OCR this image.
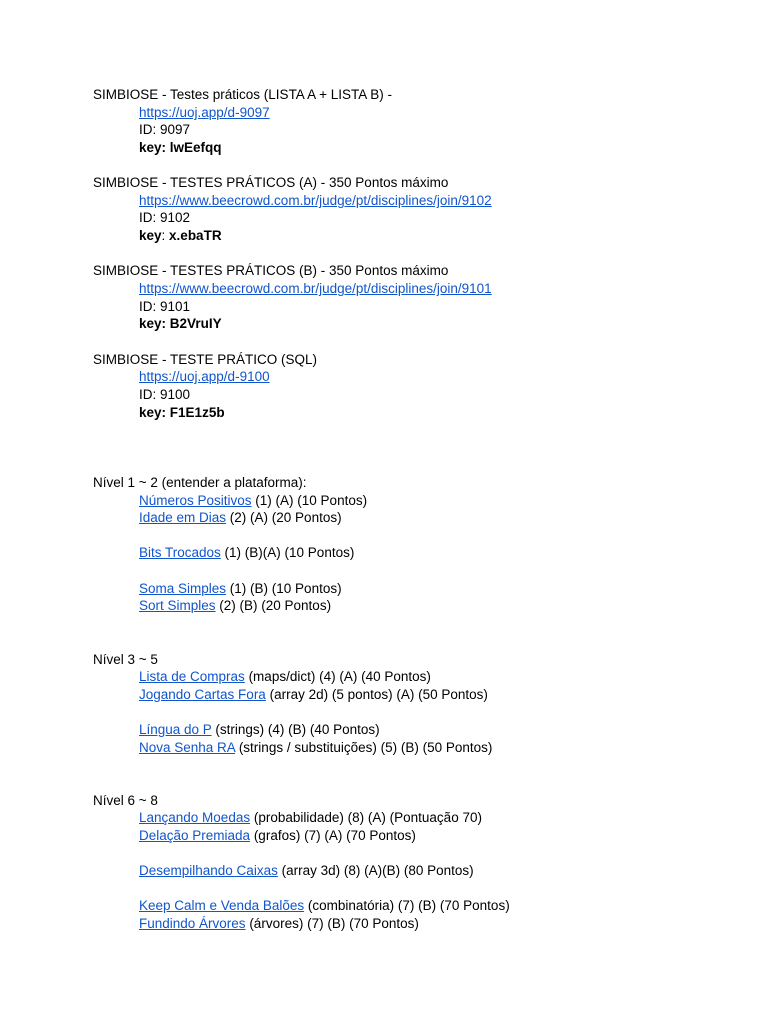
SIMBIOSE - Testes práticos (LISTA A + LISTA B) -
https://uoj.app/d-9097
ID: 9097
key: lwEefqq
SIMBIOSE - TESTES PRÁTICOS (A) - 350 Pontos máximo
https://www.beecrowd.com.br/judge/pt/disciplines/join/9102
ID: 9102
key: x.ebaTR
SIMBIOSE - TESTES PRÁTICOS (B) - 350 Pontos máximo
https://www.beecrowd.com.br/judge/pt/disciplines/join/9101
ID: 9101
key: B2VruIY
SIMBIOSE - TESTE PRÁTICO (SQL)
https://uoj.app/d-9100
ID: 9100
key: F1E1z5b
Nível 1 ~ 2 (entender a plataforma):
Números Positivos (1) (A) (10 Pontos)
Idade em Dias (2) (A) (20 Pontos)
Bits Trocados (1) (B)(A) (10 Pontos)
Soma Simples (1) (B) (10 Pontos)
Sort Simples (2) (B) (20 Pontos)
Nível 3 ~ 5
Lista de Compras (maps/dict) (4) (A) (40 Pontos)
Jogando Cartas Fora (array 2d) (5 pontos) (A) (50 Pontos)
Língua do P (strings) (4) (B) (40 Pontos)
Nova Senha RA (strings / substituições) (5) (B) (50 Pontos)
Nível 6 ~ 8
Lançando Moedas (probabilidade) (8) (A) (Pontuação 70)
Delação Premiada (grafos) (7) (A) (70 Pontos)
Desempilhando Caixas (array 3d) (8) (A)(B) (80 Pontos)
Keep Calm e Venda Balões (combinatória) (7) (B) (70 Pontos)
Fundindo Árvores (árvores) (7) (B) (70 Pontos)
